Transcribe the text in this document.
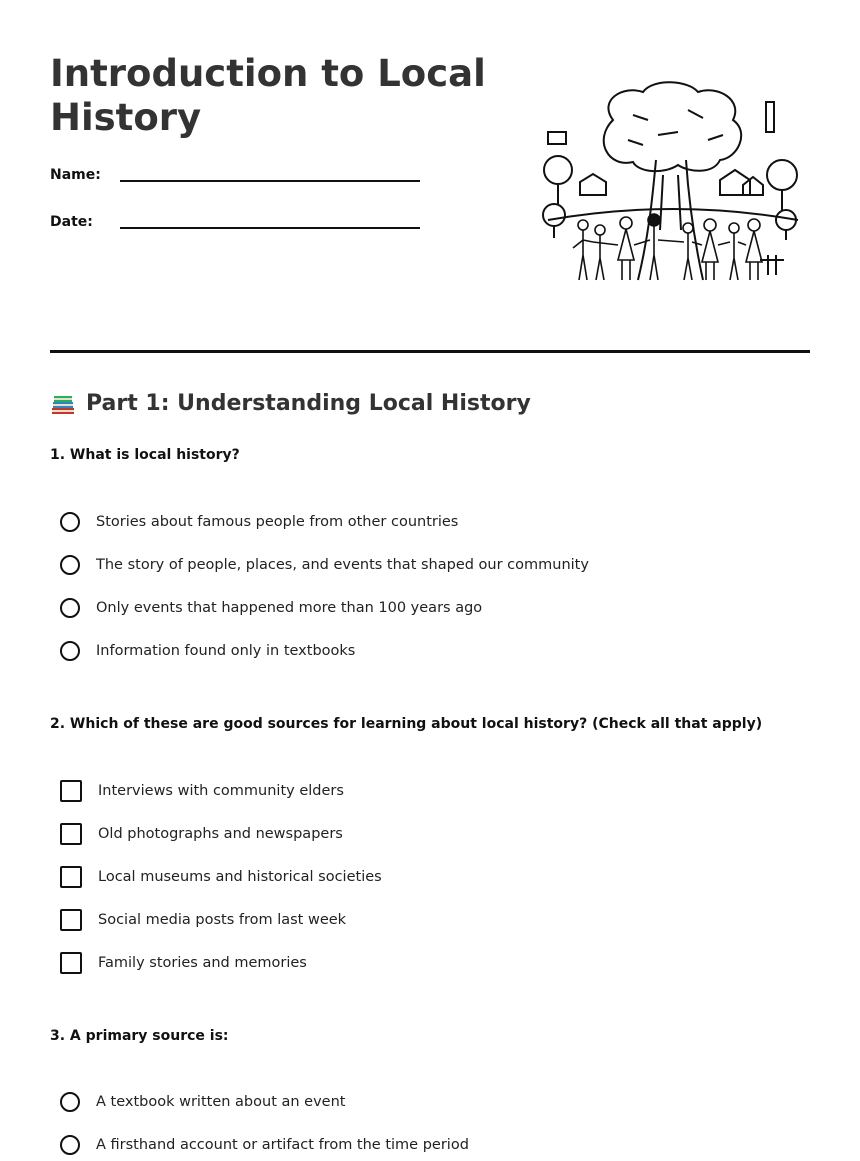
Introduction to Local History
Name:
Date:
Part 1: Understanding Local History

1. What is local history?

Stories about famous people from other countries
The story of people, places, and events that shaped our community
Only events that happened more than 100 years ago
Information found only in textbooks

2. Which of these are good sources for learning about local history? (Check all that apply)

Interviews with community elders
Old photographs and newspapers
Local museums and historical societies
Social media posts from last week
Family stories and memories

3. A primary source is:

A textbook written about an event
A firsthand account or artifact from the time period
